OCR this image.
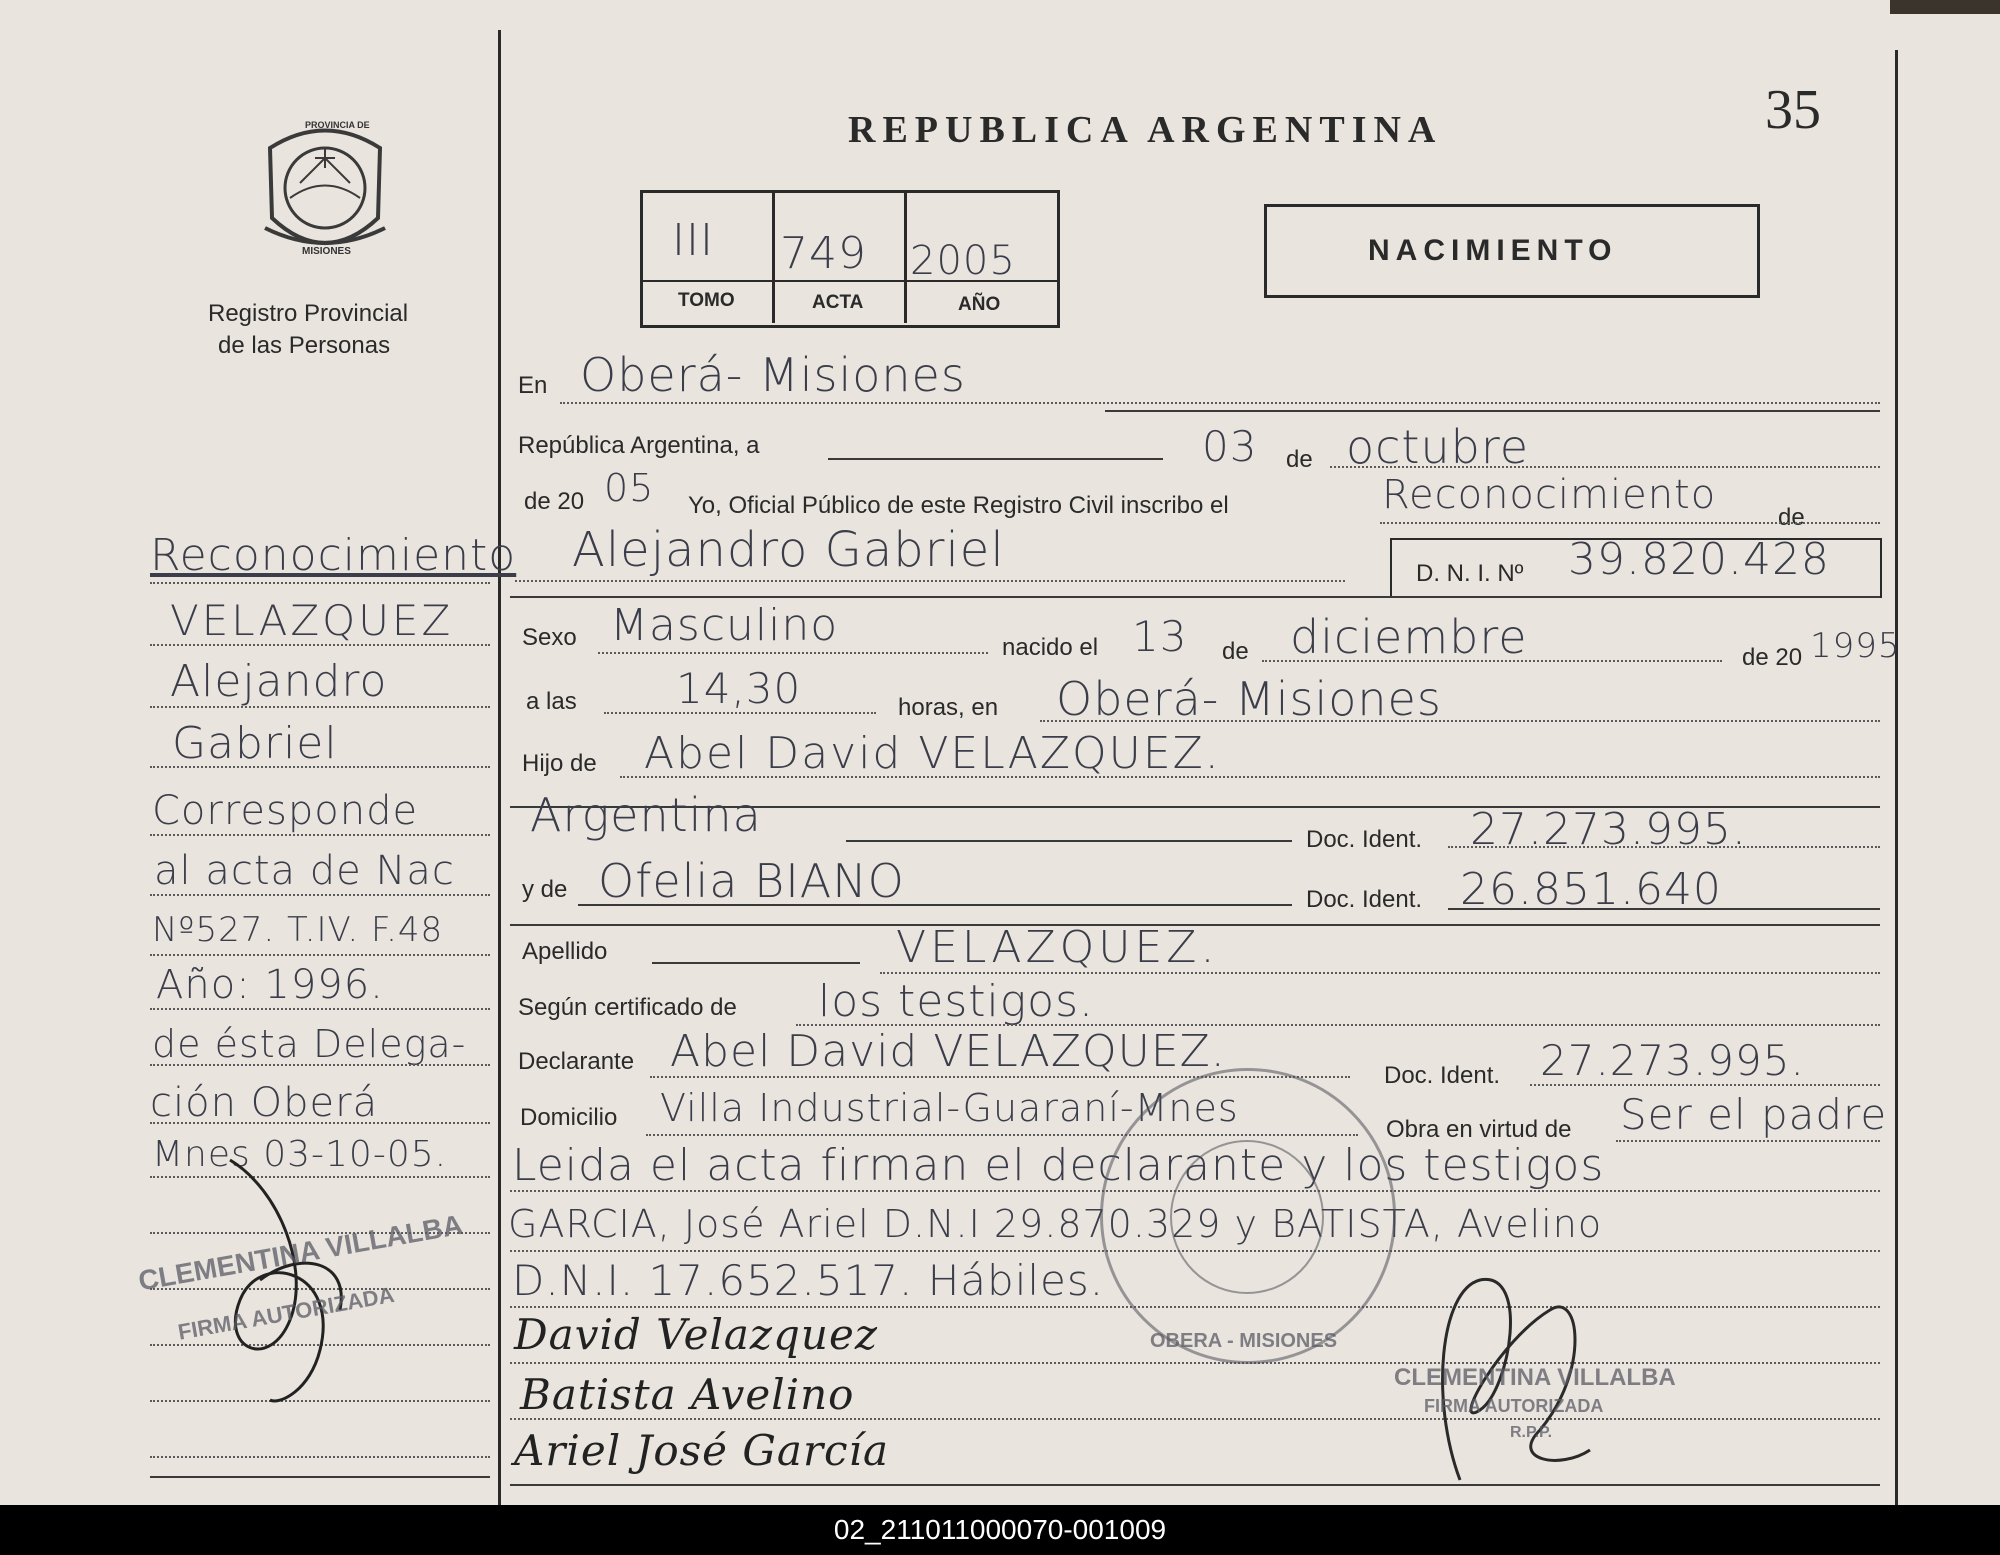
PROVINCIA DE
MISIONES
Registro Provincial
de las Personas
REPUBLICA ARGENTINA	35
III 749 2005
TOMO	ACTA	AÑO
NACIMIENTO
En Oberá- Misiones
República Argentina, a	03 de octubre
de 20 05 Yo, Oficial Público de este Registro Civil inscribo el	Reconocimiento	de
Alejandro Gabriel	D. N. I. Nº 39.820.428
Sexo Masculino	nacido el 13 de diciembre	de 20 1995
a las 14,30	horas, en Oberá- Misiones
Hijo de Abel David VELAZQUEZ.
Argentina	Doc. Ident. 27.273.995.
y de Ofelia BIANO	Doc. Ident. 26.851.640
Apellido	VELAZQUEZ.
Según certificado de los testigos.
Declarante Abel David VELAZQUEZ.	Doc. Ident. 27.273.995.
Domicilio Villa Industrial-Guaraní-Mnes	Obra en virtud de Ser el padre
Leida el acta firman el declarante y los testigos
GARCIA, José Ariel D.N.I 29.870.329 y BATISTA, Avelino
D.N.I. 17.652.517. Hábiles.
David Velazquez
Batista Avelino
Ariel José García
OBERA - MISIONES
CLEMENTINA VILLALBA
FIRMA AUTORIZADA
R.P.P.
Reconocimiento
VELAZQUEZ
Alejandro
Gabriel
Corresponde
al acta de Nac
Nº527. T.IV. F.48
Año: 1996.
de ésta Delega-
ción Oberá
Mnes 03-10-05.
CLEMENTINA VILLALBA
FIRMA AUTORIZADA
02_211011000070-001009
